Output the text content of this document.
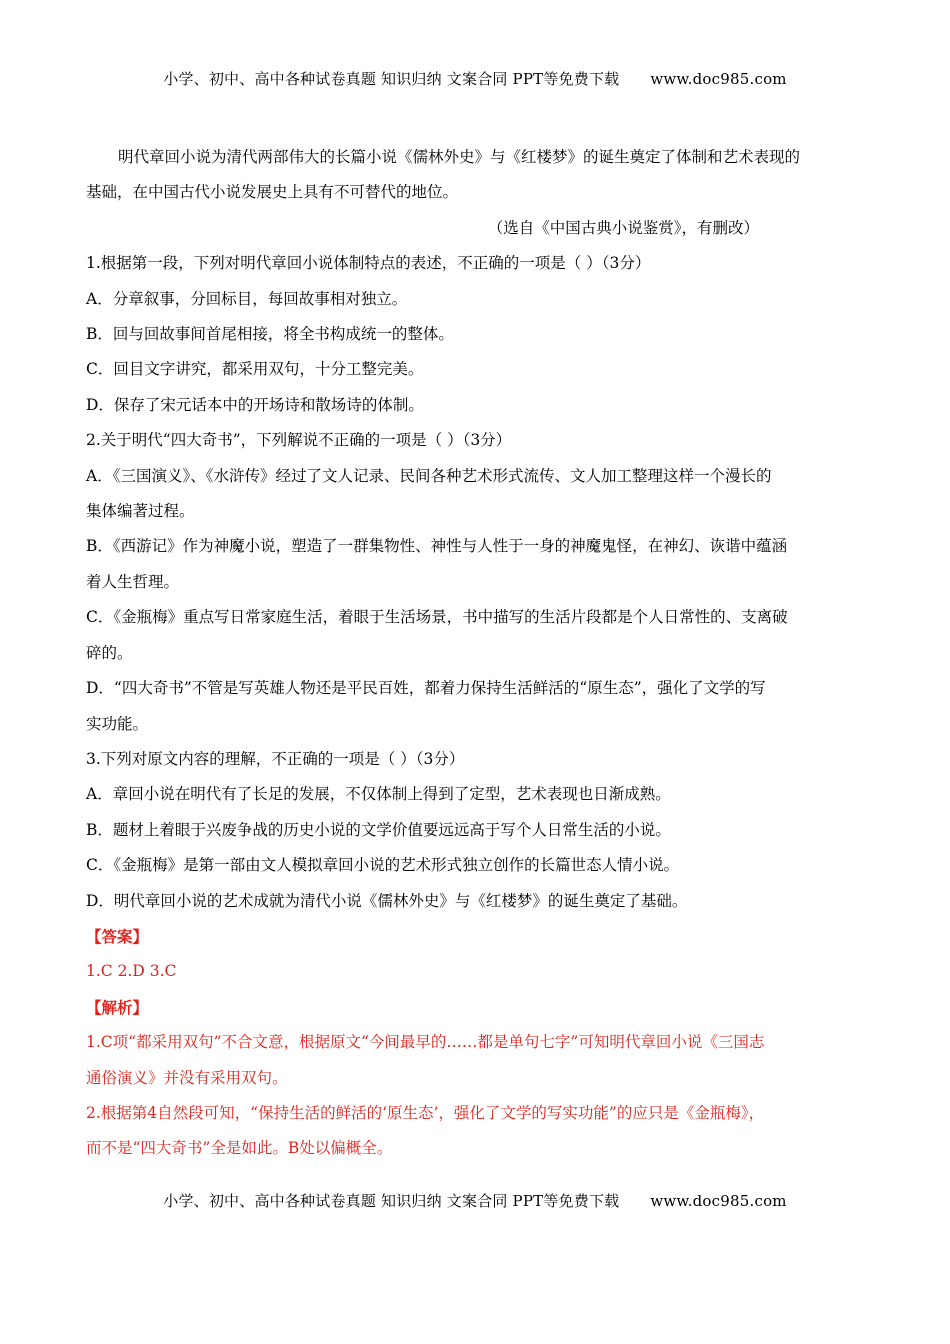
小学、初中、高中各种试卷真题 知识归纳 文案合同 PPT等免费下载 www.doc985.com
明代章回小说为清代两部伟大的长篇小说《儒林外史》与《红楼梦》的诞生奠定了体制和艺术表现的
基础，在中国古代小说发展史上具有不可替代的地位。
（选自《中国古典小说鉴赏》，有删改）
1.根据第一段，下列对明代章回小说体制特点的表述，不正确的一项是（ ）（3分）
A．分章叙事，分回标目，每回故事相对独立。
B．回与回故事间首尾相接，将全书构成统一的整体。
C．回目文字讲究，都采用双句，十分工整完美。
D．保存了宋元话本中的开场诗和散场诗的体制。
2.关于明代“四大奇书”，下列解说不正确的一项是（ ）（3分）
A．《三国演义》、《水浒传》经过了文人记录、民间各种艺术形式流传、文人加工整理这样一个漫长的
集体编著过程。
B．《西游记》作为神魔小说，塑造了一群集物性、神性与人性于一身的神魔鬼怪，在神幻、诙谐中蕴涵
着人生哲理。
C．《金瓶梅》重点写日常家庭生活，着眼于生活场景，书中描写的生活片段都是个人日常性的、支离破
碎的。
D．“四大奇书”不管是写英雄人物还是平民百姓，都着力保持生活鲜活的“原生态”，强化了文学的写
实功能。
3.下列对原文内容的理解，不正确的一项是（ ）（3分）
A．章回小说在明代有了长足的发展，不仅体制上得到了定型，艺术表现也日渐成熟。
B．题材上着眼于兴废争战的历史小说的文学价值要远远高于写个人日常生活的小说。
C．《金瓶梅》是第一部由文人模拟章回小说的艺术形式独立创作的长篇世态人情小说。
D．明代章回小说的艺术成就为清代小说《儒林外史》与《红楼梦》的诞生奠定了基础。
【答案】
1.C 2.D 3.C
【解析】
1.C项“都采用双句”不合文意，根据原文“今间最早的……都是单句七字”可知明代章回小说《三国志
通俗演义》并没有采用双句。
2.根据第4自然段可知，“保持生活的鲜活的‘原生态’，强化了文学的写实功能”的应只是《金瓶梅》，
而不是“四大奇书”全是如此。B处以偏概全。
小学、初中、高中各种试卷真题 知识归纳 文案合同 PPT等免费下载 www.doc985.com
